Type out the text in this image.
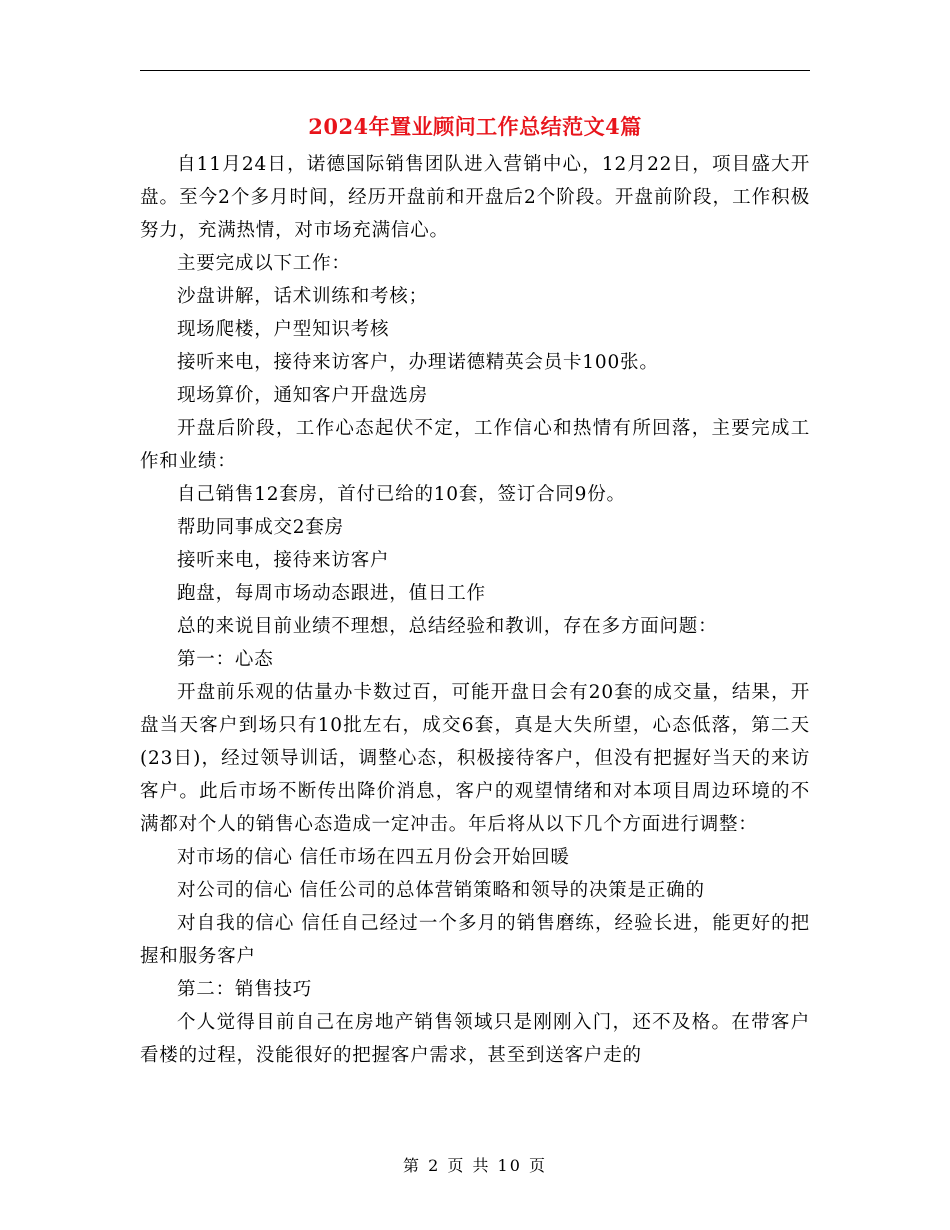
2024年置业顾问工作总结范文4篇

自11月24日，诺德国际销售团队进入营销中心，12月22日，项目盛大开盘。至今2个多月时间，经历开盘前和开盘后2个阶段。开盘前阶段，工作积极努力，充满热情，对市场充满信心。

主要完成以下工作：

沙盘讲解，话术训练和考核；

现场爬楼，户型知识考核

接听来电，接待来访客户，办理诺德精英会员卡100张。

现场算价，通知客户开盘选房

开盘后阶段，工作心态起伏不定，工作信心和热情有所回落，主要完成工作和业绩：

自己销售12套房，首付已给的10套，签订合同9份。

帮助同事成交2套房

接听来电，接待来访客户

跑盘，每周市场动态跟进，值日工作

总的来说目前业绩不理想，总结经验和教训，存在多方面问题：

第一：心态

开盘前乐观的估量办卡数过百，可能开盘日会有20套的成交量，结果，开盘当天客户到场只有10批左右，成交6套，真是大失所望，心态低落，第二天(23日)，经过领导训话，调整心态，积极接待客户，但没有把握好当天的来访客户。此后市场不断传出降价消息，客户的观望情绪和对本项目周边环境的不满都对个人的销售心态造成一定冲击。年后将从以下几个方面进行调整：

对市场的信心 信任市场在四五月份会开始回暖

对公司的信心 信任公司的总体营销策略和领导的决策是正确的

对自我的信心 信任自己经过一个多月的销售磨练，经验长进，能更好的把握和服务客户

第二：销售技巧

个人觉得目前自己在房地产销售领域只是刚刚入门，还不及格。在带客户看楼的过程，没能很好的把握客户需求，甚至到送客户走的

第 2 页 共 10 页
